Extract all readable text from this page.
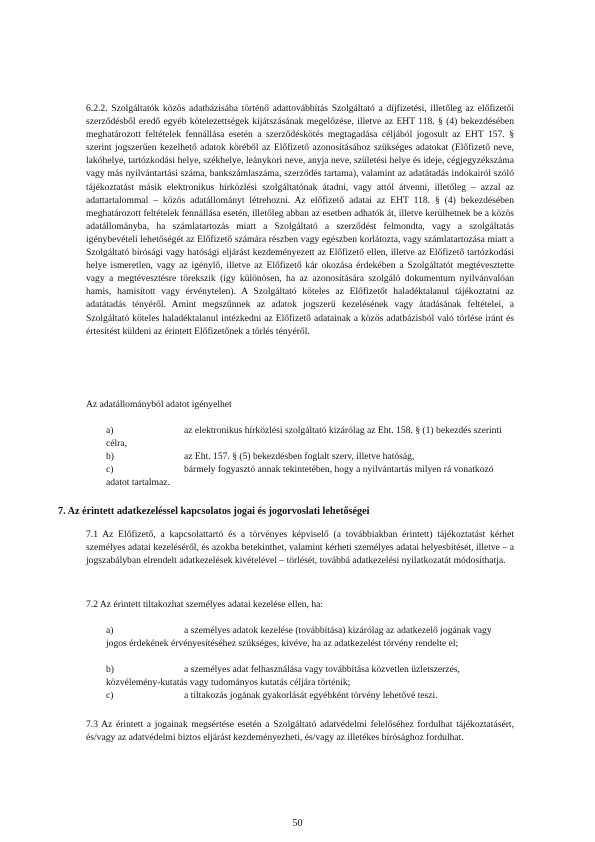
6.2.2. Szolgáltatók közös adatbázisába történő adattovábbítás Szolgáltató a díjfizetési, illetőleg az előfizetői szerződésből eredő egyéb kötelezettségek kijátszásának megelőzése, illetve az EHT 118. § (4) bekezdésében meghatározott feltételek fennállása esetén a szerződéskötés megtagadása céljából jogosult az EHT 157. § szerint jogszerűen kezelhető adatok köréből az Előfizető azonosításához szükséges adatokat (Előfizető neve, lakóhelye, tartózkodási helye, székhelye, leánykori neve, anyja neve, születési helye és ideje, cégjegyzékszáma vagy más nyilvántartási száma, bankszámlaszáma, szerződés tartama), valamint az adatátadás indokairól szóló tájékoztatást másik elektronikus hírközlési szolgáltatónak átadni, vagy attól átvenni, illetőleg – azzal az adattartalommal – közös adatállományt létrehozni. Az előfizető adatai az EHT 118. § (4) bekezdésében meghatározott feltételek fennállása esetén, illetőleg abban az esetben adhatók át, illetve kerülhetnek be a közös adatállományba, ha számlatartozás miatt a Szolgáltató a szerződést felmondta, vagy a szolgáltatás igénybevételi lehetőségét az Előfizető számára részben vagy egészben korlátozta, vagy számlatartozása miatt a Szolgáltató bírósági vagy hatósági eljárást kezdeményezett az Előfizető ellen, illetve az Előfizető tartózkodási helye ismeretlen, vagy az igénylő, illetve az Előfizető kár okozása érdekében a Szolgáltatót megtévesztette vagy a megtévesztésre törekszik (így különösen, ha az azonosítására szolgáló dokumentum nyilvánvalóan hamis, hamisított vagy érvénytelen). A Szolgáltató köteles az Előfizetőt haladéktalanul tájékoztatni az adatátadás tényéről. Amint megszűnnek az adatok jogszerű kezelésének vagy átadásának feltételei, a Szolgáltató köteles haladéktalanul intézkedni az Előfizető adatainak a közös adatbázisból való törlése iránt és értesítést küldeni az érintett Előfizetőnek a törlés tényéről.
Az adatállományból adatot igényelhet
a)	az elektronikus hírközlési szolgáltató kizárólag az Eht. 158. § (1) bekezdés szerinti célra,
b)	az Eht. 157. § (5) bekezdésben foglalt szerv, illetve hatóság,
c)	bármely fogyasztó annak tekintetében, hogy a nyilvántartás milyen rá vonatkozó adatot tartalmaz.
7. Az érintett adatkezeléssel kapcsolatos jogai és jogorvoslati lehetőségei
7.1 Az Előfizető, a kapcsolattartó és a törvényes képviselő (a továbbiakban érintett) tájékoztatást kérhet személyes adatai kezeléséről, és azokba betekinthet, valamint kérheti személyes adatai helyesbítését, illetve – a jogszabályban elrendelt adatkezelések kivételével – törlését, továbbá adatkezelési nyilatkozatát módosíthatja.
7.2 Az érintett tiltakozhat személyes adatai kezelése ellen, ha:
a)	a személyes adatok kezelése (továbbítása) kizárólag az adatkezelő jogának vagy jogos érdekének érvényesítéséhez szükséges, kivéve, ha az adatkezelést törvény rendelte el;
b)	a személyes adat felhasználása vagy továbbítása közvetlen üzletszerzés, közvélemény-kutatás vagy tudományos kutatás céljára történik;
c)	a tiltakozás jogának gyakorlását egyébként törvény lehetővé teszi.
7.3 Az érintett a jogainak megsértése esetén a Szolgáltató adatvédelmi felelőséhez fordulhat tájékoztatásért, és/vagy az adatvédelmi biztos eljárást kezdeményezheti, és/vagy az illetékes bírósághoz fordulhat.
50
